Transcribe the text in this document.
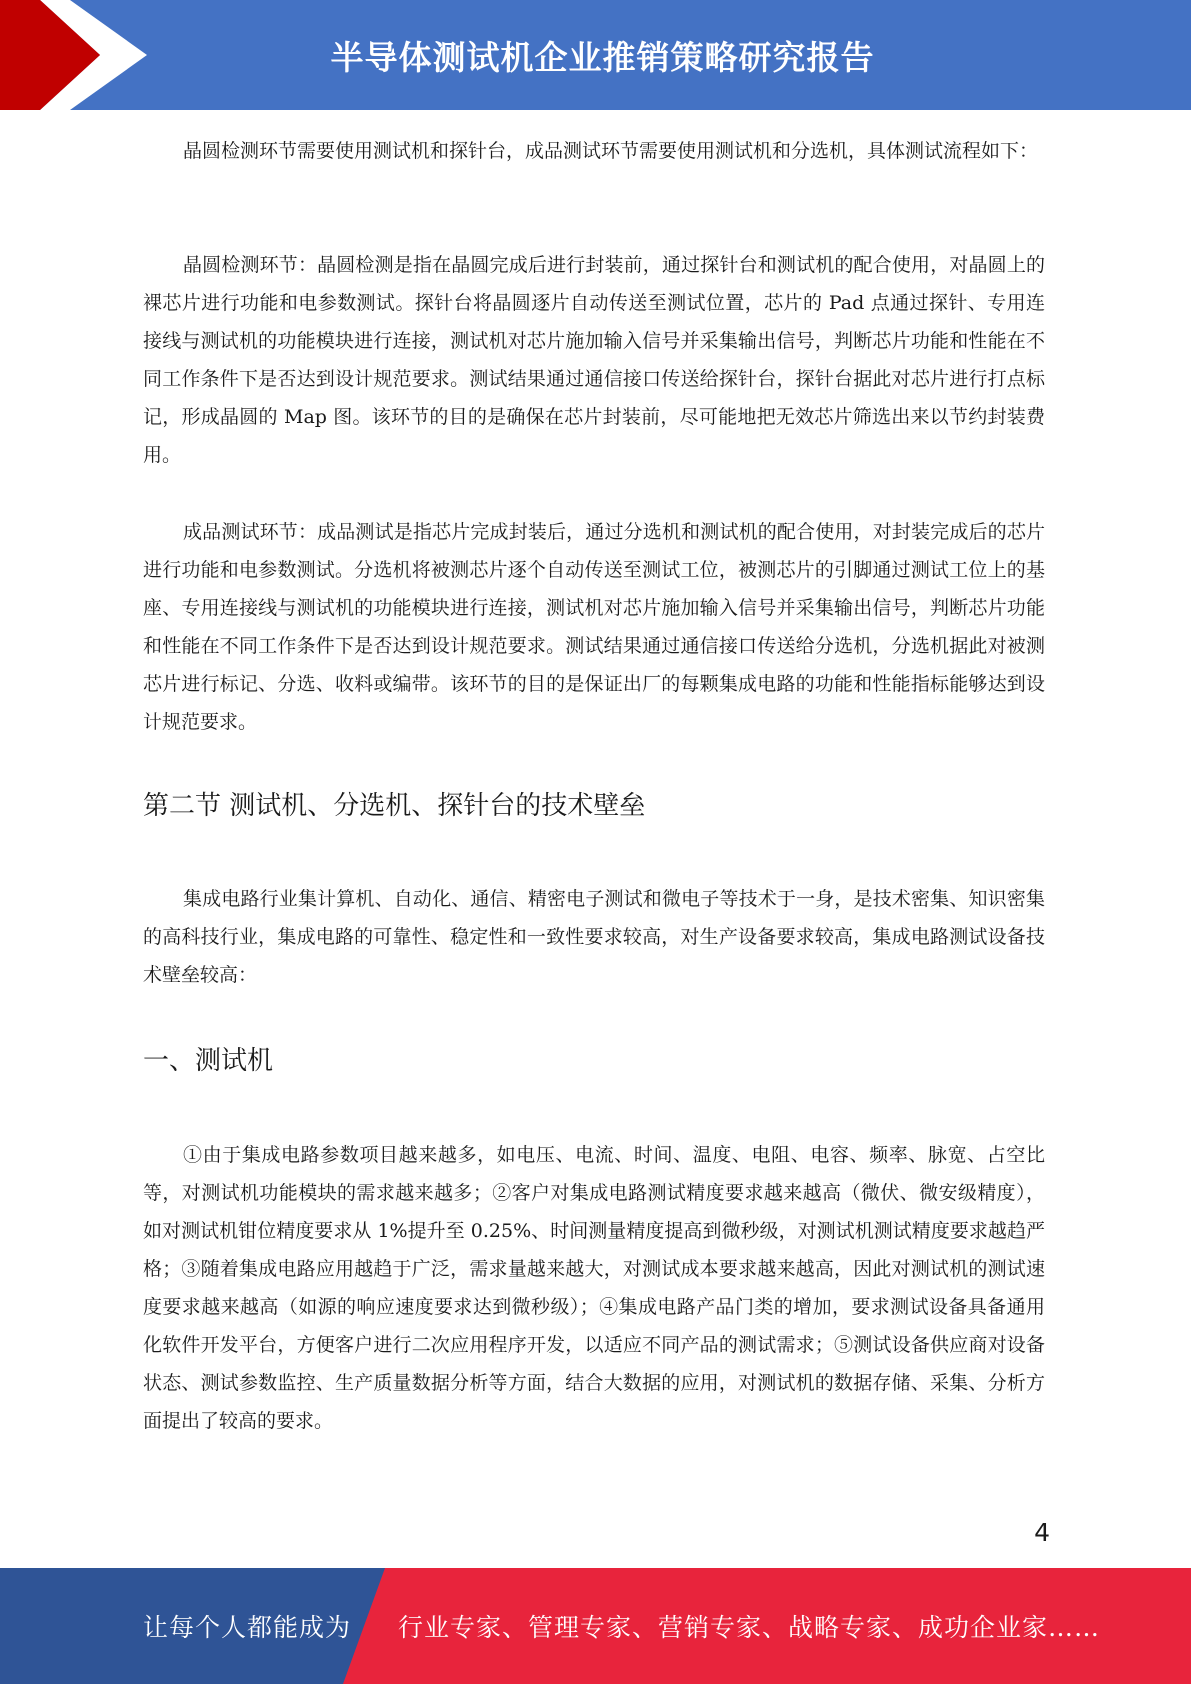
半导体测试机企业推销策略研究报告

晶圆检测环节需要使用测试机和探针台，成品测试环节需要使用测试机和分选机，具体测试流程如下：

晶圆检测环节：晶圆检测是指在晶圆完成后进行封装前，通过探针台和测试机的配合使用，对晶圆上的裸芯片进行功能和电参数测试。探针台将晶圆逐片自动传送至测试位置，芯片的 Pad 点通过探针、专用连接线与测试机的功能模块进行连接，测试机对芯片施加输入信号并采集输出信号，判断芯片功能和性能在不同工作条件下是否达到设计规范要求。测试结果通过通信接口传送给探针台，探针台据此对芯片进行打点标记，形成晶圆的 Map 图。该环节的目的是确保在芯片封装前，尽可能地把无效芯片筛选出来以节约封装费用。

成品测试环节：成品测试是指芯片完成封装后，通过分选机和测试机的配合使用，对封装完成后的芯片进行功能和电参数测试。分选机将被测芯片逐个自动传送至测试工位，被测芯片的引脚通过测试工位上的基座、专用连接线与测试机的功能模块进行连接，测试机对芯片施加输入信号并采集输出信号，判断芯片功能和性能在不同工作条件下是否达到设计规范要求。测试结果通过通信接口传送给分选机，分选机据此对被测芯片进行标记、分选、收料或编带。该环节的目的是保证出厂的每颗集成电路的功能和性能指标能够达到设计规范要求。

第二节 测试机、分选机、探针台的技术壁垒

集成电路行业集计算机、自动化、通信、精密电子测试和微电子等技术于一身，是技术密集、知识密集的高科技行业，集成电路的可靠性、稳定性和一致性要求较高，对生产设备要求较高，集成电路测试设备技术壁垒较高：

一、测试机

①由于集成电路参数项目越来越多，如电压、电流、时间、温度、电阻、电容、频率、脉宽、占空比等，对测试机功能模块的需求越来越多；②客户对集成电路测试精度要求越来越高（微伏、微安级精度），如对测试机钳位精度要求从 1%提升至 0.25%、时间测量精度提高到微秒级，对测试机测试精度要求越趋严格；③随着集成电路应用越趋于广泛，需求量越来越大，对测试成本要求越来越高，因此对测试机的测试速度要求越来越高（如源的响应速度要求达到微秒级）；④集成电路产品门类的增加，要求测试设备具备通用化软件开发平台，方便客户进行二次应用程序开发，以适应不同产品的测试需求；⑤测试设备供应商对设备状态、测试参数监控、生产质量数据分析等方面，结合大数据的应用，对测试机的数据存储、采集、分析方面提出了较高的要求。

4
让每个人都能成为 行业专家、管理专家、营销专家、战略专家、成功企业家……
